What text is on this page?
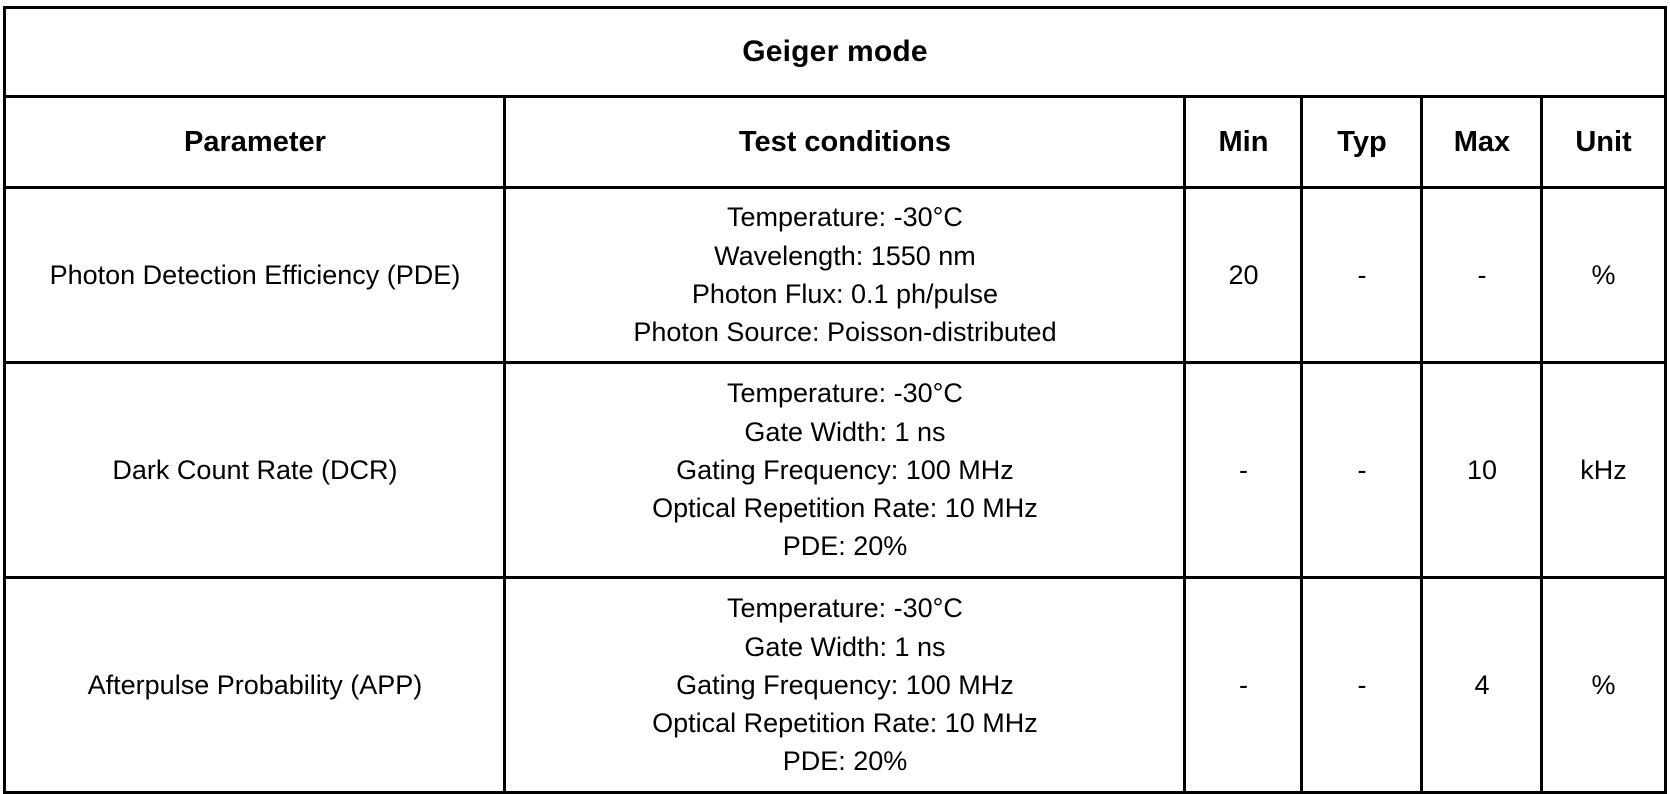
Geiger mode					
Parameter	Test conditions	Min	Typ	Max	Unit
Photon Detection Efficiency (PDE)	Temperature: -30°C
Wavelength: 1550 nm
Photon Flux: 0.1 ph/pulse
Photon Source: Poisson-distributed	20	-	-	%
Dark Count Rate (DCR)	Temperature: -30°C
Gate Width: 1 ns
Gating Frequency: 100 MHz
Optical Repetition Rate: 10 MHz
PDE: 20%	-	-	10	kHz
Afterpulse Probability (APP)	Temperature: -30°C
Gate Width: 1 ns
Gating Frequency: 100 MHz
Optical Repetition Rate: 10 MHz
PDE: 20%	-	-	4	%
